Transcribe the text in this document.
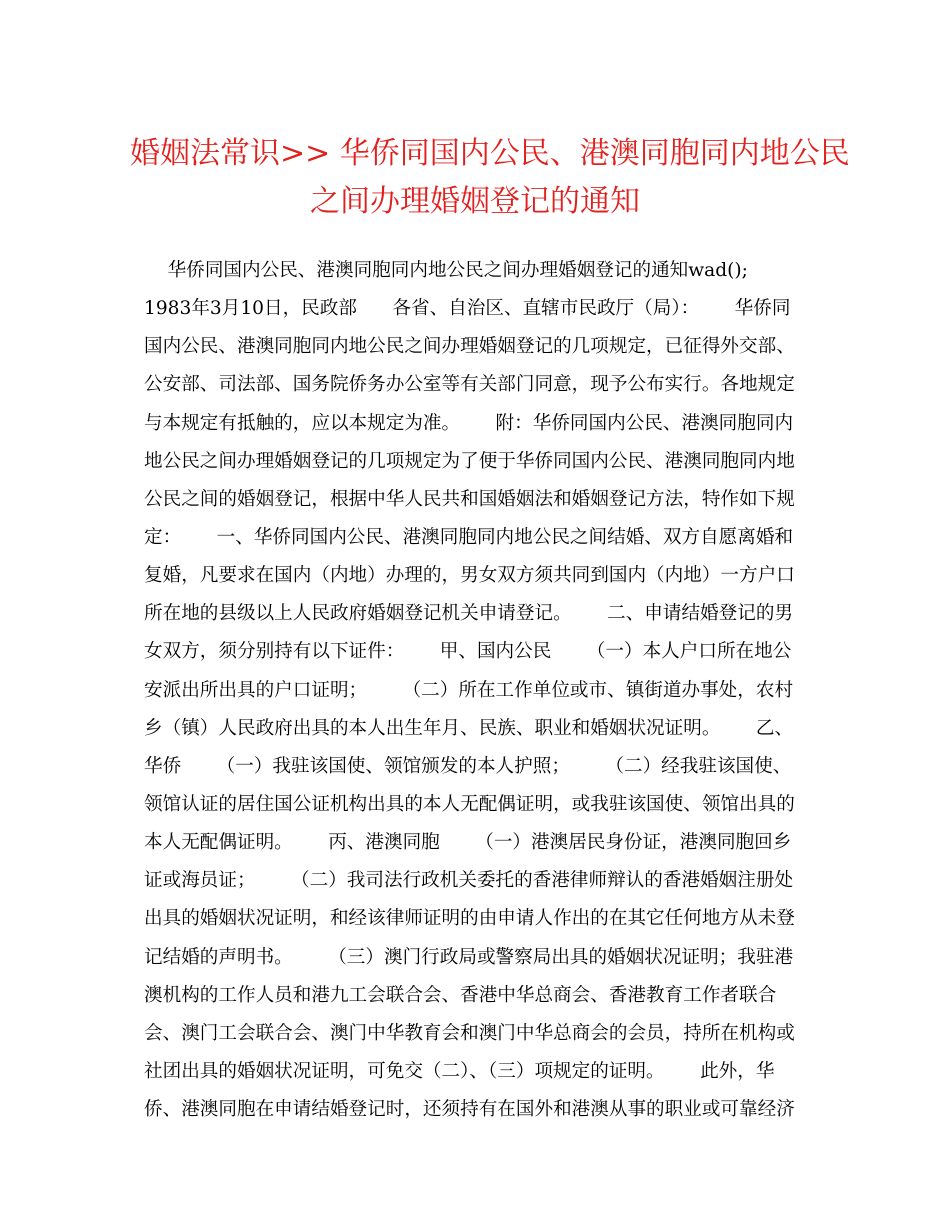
婚姻法常识>> 华侨同国内公民、港澳同胞同内地公民
之间办理婚姻登记的通知
华侨同国内公民、港澳同胞同内地公民之间办理婚姻登记的通知wad();
1983年3月10日，民政部      各省、自治区、直辖市民政厅（局）：      华侨同
国内公民、港澳同胞同内地公民之间办理婚姻登记的几项规定，已征得外交部、
公安部、司法部、国务院侨务办公室等有关部门同意，现予公布实行。各地规定
与本规定有抵触的，应以本规定为准。      附：华侨同国内公民、港澳同胞同内
地公民之间办理婚姻登记的几项规定为了便于华侨同国内公民、港澳同胞同内地
公民之间的婚姻登记，根据中华人民共和国婚姻法和婚姻登记方法，特作如下规
定：      一、华侨同国内公民、港澳同胞同内地公民之间结婚、双方自愿离婚和
复婚，凡要求在国内（内地）办理的，男女双方须共同到国内（内地）一方户口
所在地的县级以上人民政府婚姻登记机关申请登记。      二、申请结婚登记的男
女双方，须分别持有以下证件：      甲、国内公民      （一）本人户口所在地公
安派出所出具的户口证明；      （二）所在工作单位或市、镇街道办事处，农村
乡（镇）人民政府出具的本人出生年月、民族、职业和婚姻状况证明。      乙、
华侨      （一）我驻该国使、领馆颁发的本人护照；      （二）经我驻该国使、
领馆认证的居住国公证机构出具的本人无配偶证明，或我驻该国使、领馆出具的
本人无配偶证明。      丙、港澳同胞      （一）港澳居民身份证，港澳同胞回乡
证或海员证；      （二）我司法行政机关委托的香港律师辩认的香港婚姻注册处
出具的婚姻状况证明，和经该律师证明的由申请人作出的在其它任何地方从未登
记结婚的声明书。      （三）澳门行政局或警察局出具的婚姻状况证明；我驻港
澳机构的工作人员和港九工会联合会、香港中华总商会、香港教育工作者联合
会、澳门工会联合会、澳门中华教育会和澳门中华总商会的会员，持所在机构或
社团出具的婚姻状况证明，可免交（二）、（三）项规定的证明。      此外，华
侨、港澳同胞在申请结婚登记时，还须持有在国外和港澳从事的职业或可靠经济
